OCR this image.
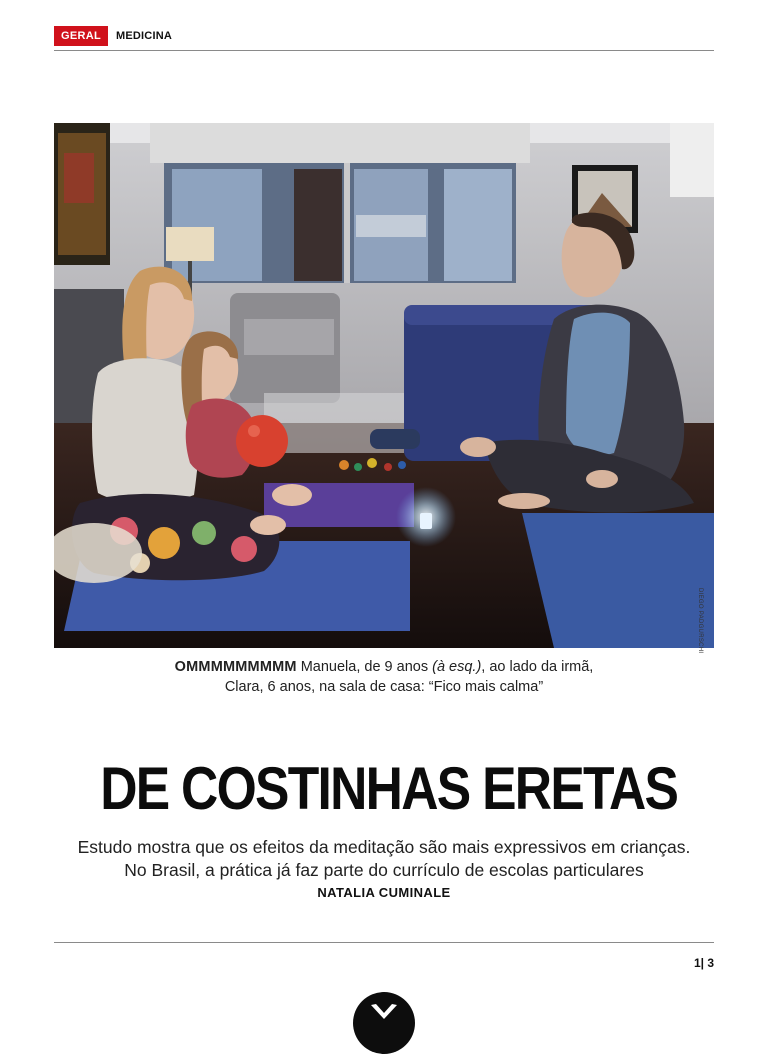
GERAL	MEDICINA
DIEGO PADGURSCHI
OMMMMMMMMM Manuela, de 9 anos (à esq.), ao lado da irmã,
Clara, 6 anos, na sala de casa: “Fico mais calma”
DE COSTINHAS ERETAS
Estudo mostra que os efeitos da meditação são mais expressivos em crianças.
No Brasil, a prática já faz parte do currículo de escolas particulares
NATALIA CUMINALE
1| 3
